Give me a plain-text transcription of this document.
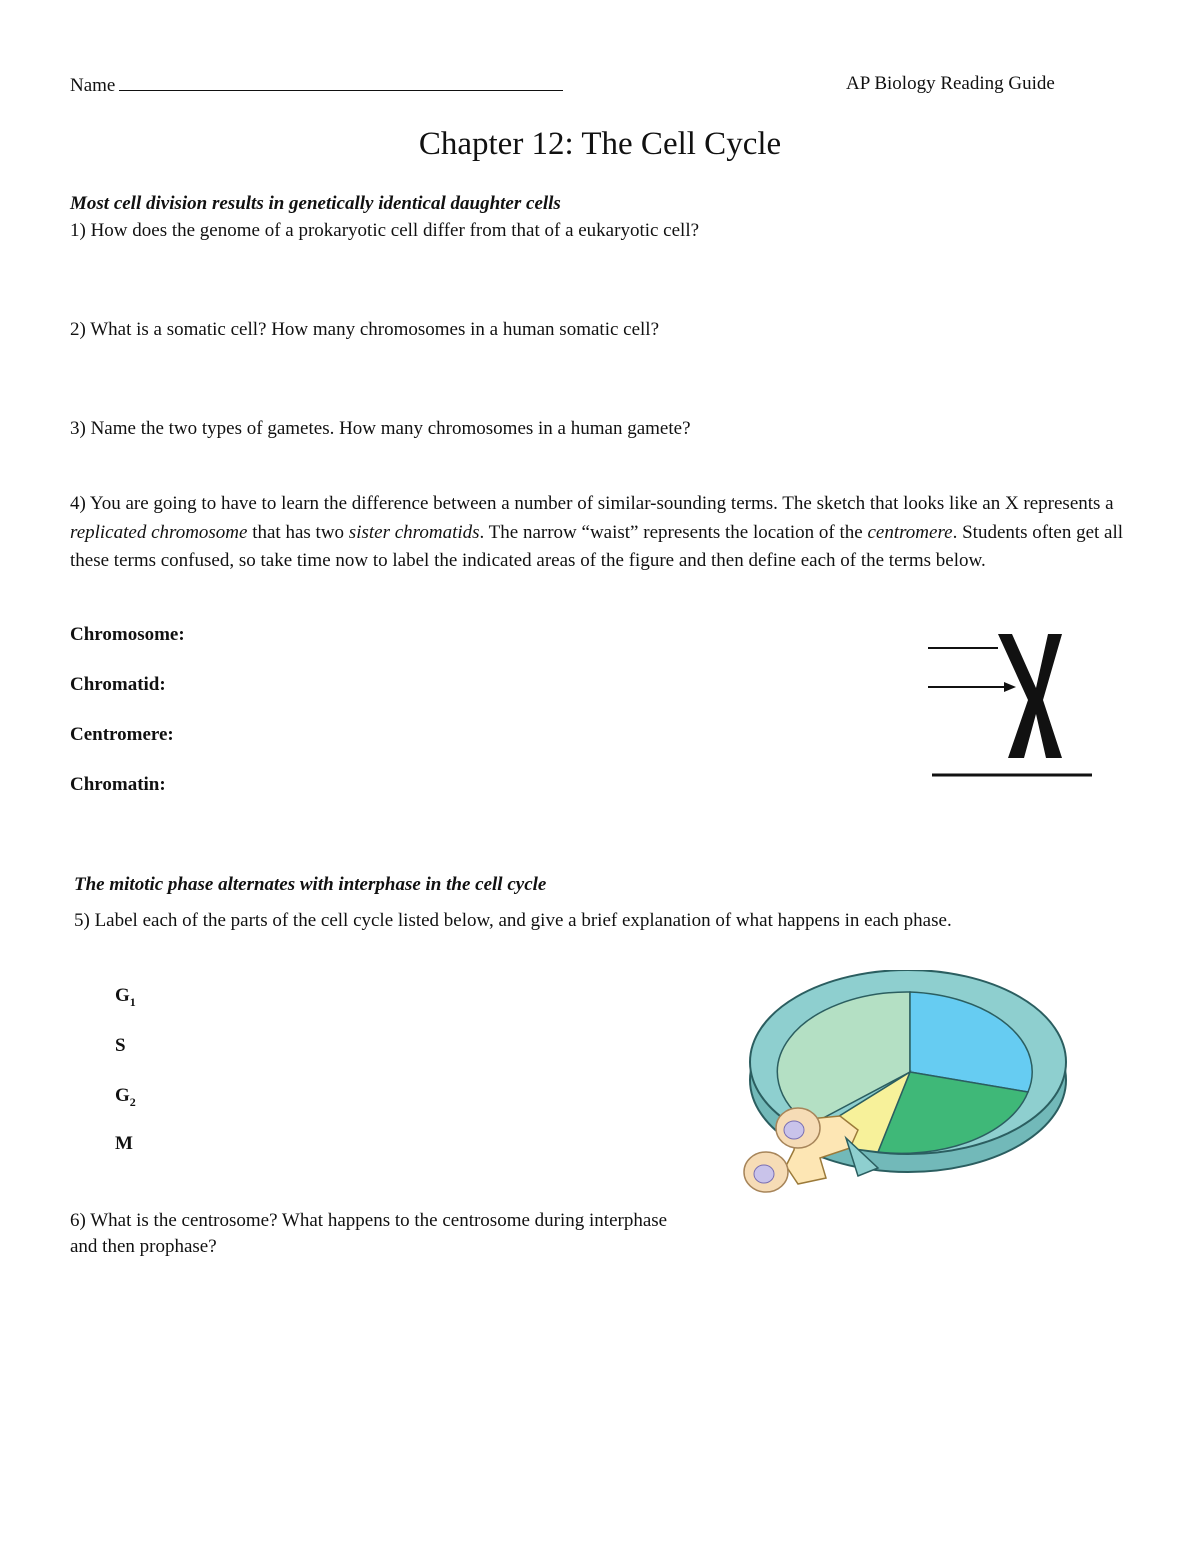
Name	AP Biology Reading Guide
Chapter 12: The Cell Cycle
Most cell division results in genetically identical daughter cells
1) How does the genome of a prokaryotic cell differ from that of a eukaryotic cell?
2) What is a somatic cell? How many chromosomes in a human somatic cell?
3) Name the two types of gametes. How many chromosomes in a human gamete?
4) You are going to have to learn the difference between a number of similar-sounding terms. The sketch that looks like an X represents a replicated chromosome that has two sister chromatids. The narrow “waist” represents the location of the centromere. Students often get all these terms confused, so take time now to label the indicated areas of the figure and then define each of the terms below.
Chromosome:
Chromatid:
Centromere:
Chromatin:
The mitotic phase alternates with interphase in the cell cycle
5) Label each of the parts of the cell cycle listed below, and give a brief explanation of what happens in each phase.
$G_1$
S
$G_2$
M
6) What is the centrosome? What happens to the centrosome during interphase and then prophase?
